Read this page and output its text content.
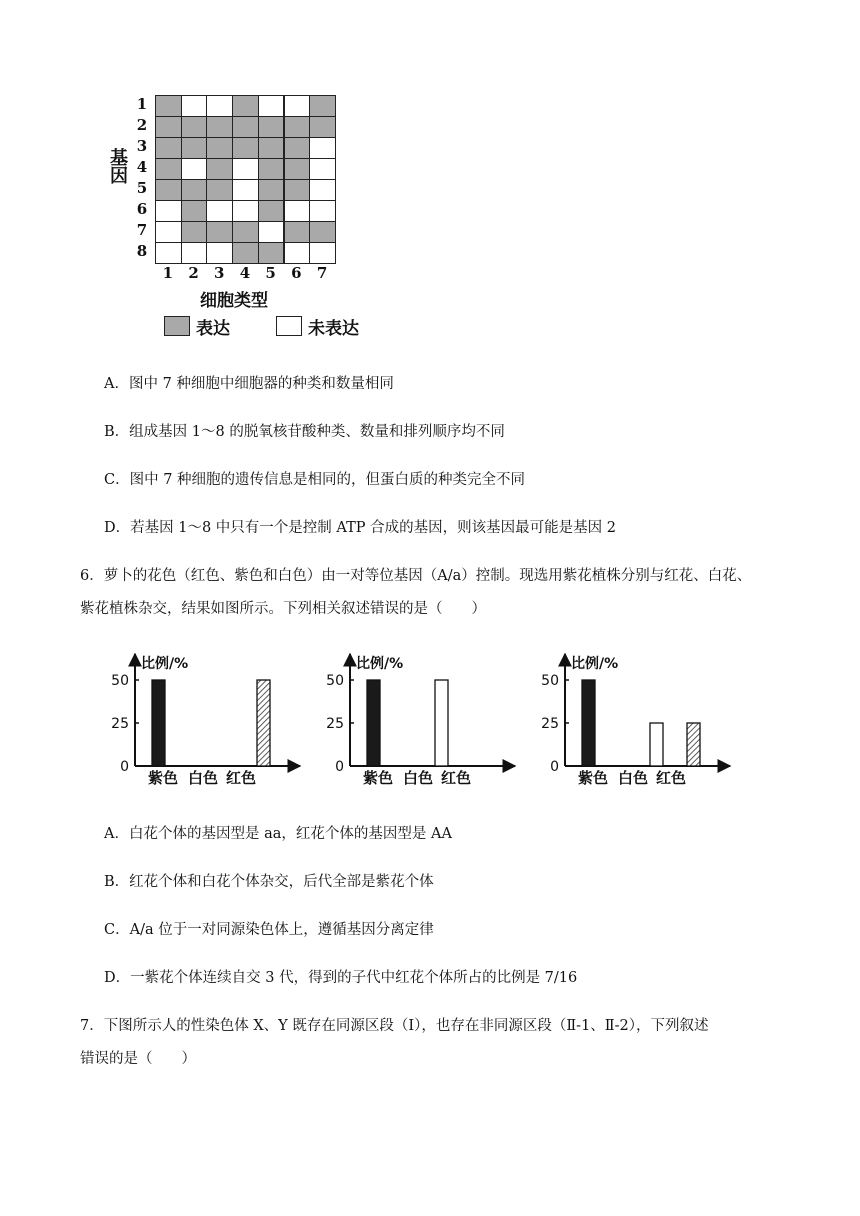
基因
细胞类型
表达	未表达
1
2
3
4
5
6
7
8
1 2 3 4 5 6 7
A．图中 7 种细胞中细胞器的种类和数量相同
B．组成基因 1～8 的脱氧核苷酸种类、数量和排列顺序均不同
C．图中 7 种细胞的遗传信息是相同的，但蛋白质的种类完全不同
D．若基因 1～8 中只有一个是控制 ATP 合成的基因，则该基因最可能是基因 2
6．萝卜的花色（红色、紫色和白色）由一对等位基因（A/a）控制。现选用紫花植株分别与红花、白花、
紫花植株杂交，结果如图所示。下列相关叙述错误的是（　　）
比例/%
0
25
50
紫色 白色 红色
比例/%
0
25
50
紫色 白色 红色
比例/%
0
25
50
紫色 白色 红色
A．白花个体的基因型是 aa，红花个体的基因型是 AA
B．红花个体和白花个体杂交，后代全部是紫花个体
C．A/a 位于一对同源染色体上，遵循基因分离定律
D．一紫花个体连续自交 3 代，得到的子代中红花个体所占的比例是 7/16
7．下图所示人的性染色体 X、Y 既存在同源区段（Ⅰ），也存在非同源区段（Ⅱ-1、Ⅱ-2），下列叙述
错误的是（　　）
